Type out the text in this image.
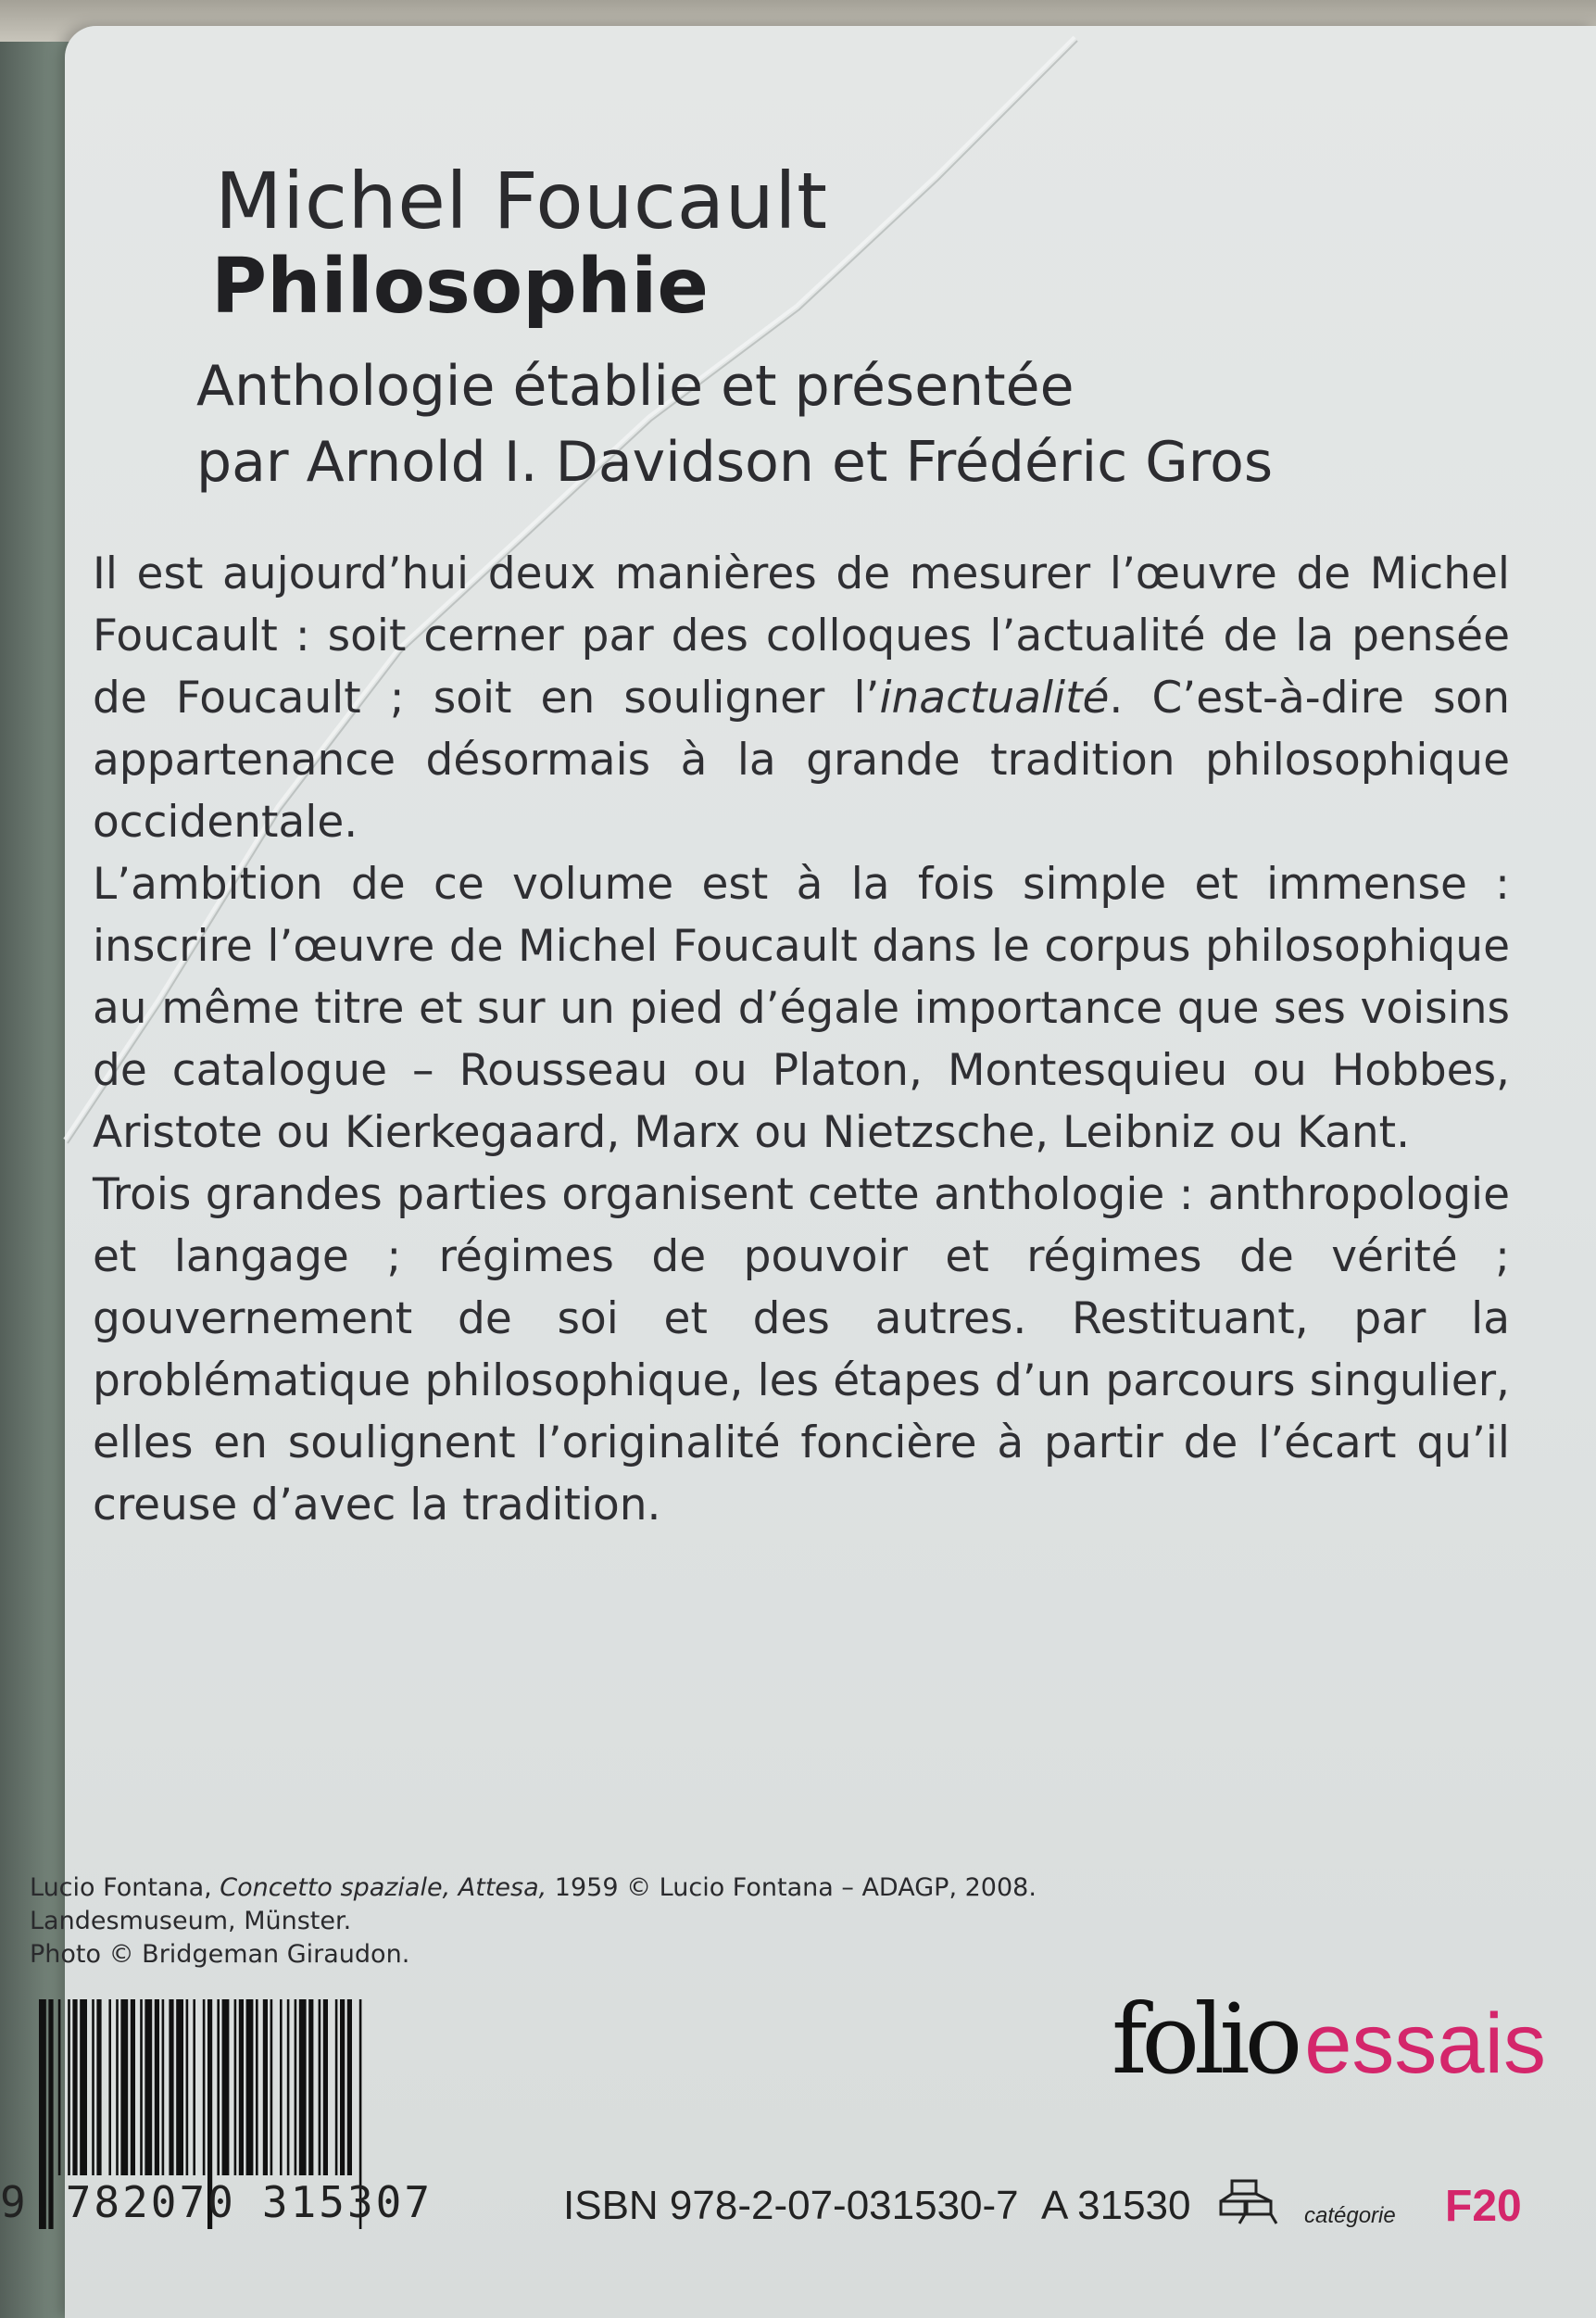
Michel Foucault
Philosophie
Anthologie établie et présentée
par Arnold I. Davidson et Frédéric Gros

Il est aujourd’hui deux manières de mesurer l’œuvre de Michel Foucault : soit cerner par des colloques l’actualité de la pensée de Foucault ; soit en souligner l’inactualité. C’est-à-dire son appartenance désormais à la grande tradition philosophique occidentale.

L’ambition de ce volume est à la fois simple et immense : inscrire l’œuvre de Michel Foucault dans le corpus philosophique au même titre et sur un pied d’égale importance que ses voisins de catalogue – Rousseau ou Platon, Montesquieu ou Hobbes, Aristote ou Kierkegaard, Marx ou Nietzsche, Leibniz ou Kant.

Trois grandes parties organisent cette anthologie : anthropologie et langage ; régimes de pouvoir et régimes de vérité ; gouvernement de soi et des autres. Restituant, par la problématique philosophique, les étapes d’un parcours singulier, elles en soulignent l’originalité foncière à partir de l’écart qu’il creuse d’avec la tradition.

Lucio Fontana, Concetto spaziale, Attesa, 1959 © Lucio Fontana – ADAGP, 2008.
Landesmuseum, Münster.
Photo © Bridgeman Giraudon.
9 782070 315307
folioessais
ISBN 978-2-07-031530-7 A 31530	catégorie F20
